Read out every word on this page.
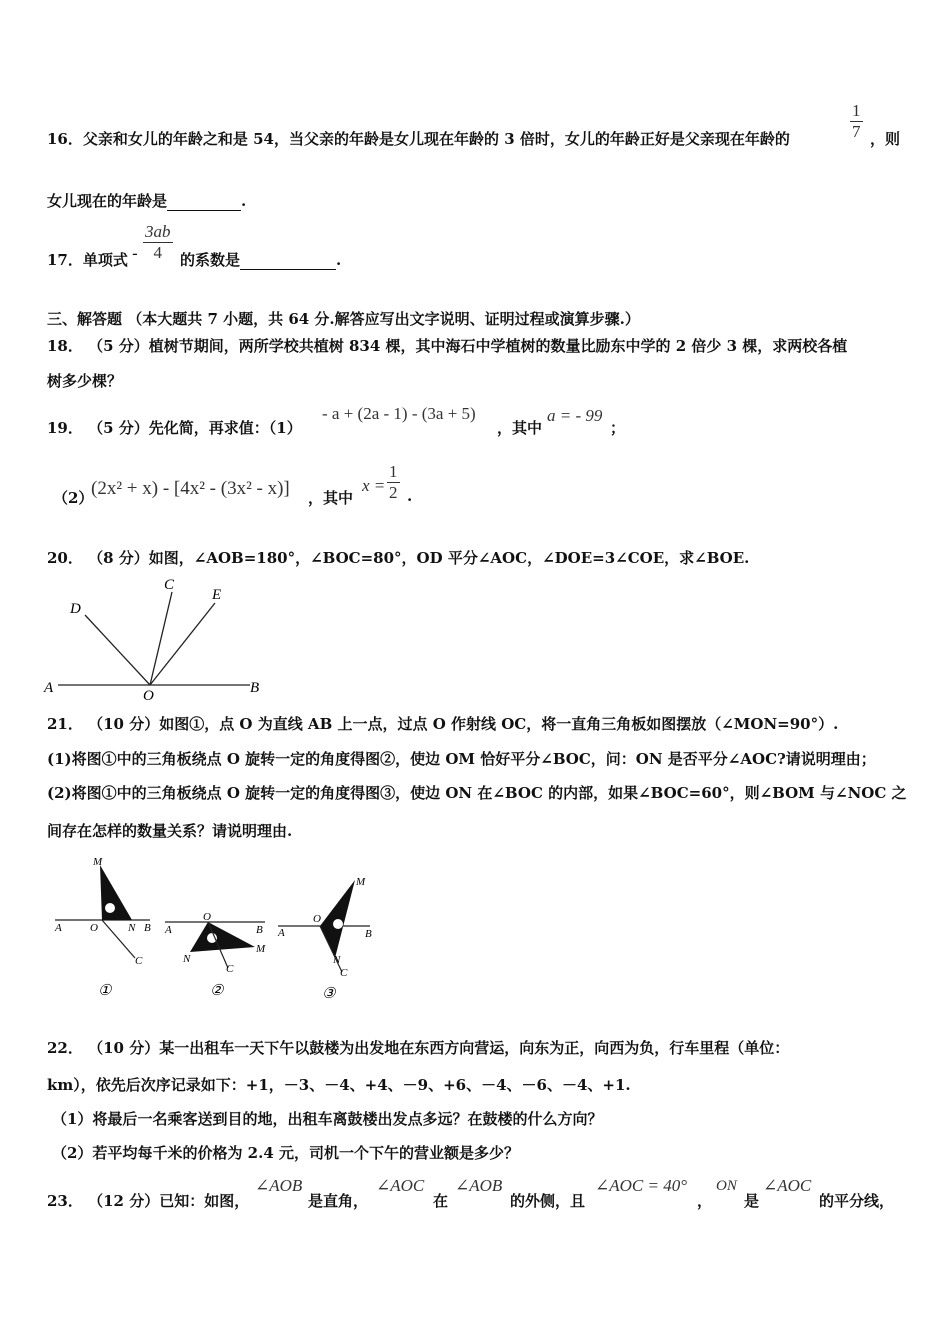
$\frac{1}{7}$
16．父亲和女儿的年龄之和是 54，当父亲的年龄是女儿现在年龄的 3 倍时，女儿的年龄正好是父亲现在年龄的	，则
女儿现在的年龄是	.
17．单项式 - $\frac{3ab}{4}$ 的系数是	.
三、解答题 （本大题共 7 小题，共 64 分.解答应写出文字说明、证明过程或演算步骤.）
18． （5 分）植树节期间，两所学校共植树 834 棵，其中海石中学植树的数量比励东中学的 2 倍少 3 棵，求两校各植
树多少棵？
19． （5 分）先化简，再求值：（1）
- a + (2a - 1) - (3a + 5)
，其中
a = - 99
；
（2）
(2x² + x) - [4x² - (3x² - x)] ，其中
$x = \frac{1}{2}$ .
20． （8 分）如图，∠AOB=180°，∠BOC=80°，OD 平分∠AOC，∠DOE=3∠COE，求∠BOE.
D
C
E
A	O	B
21． （10 分）如图①，点 O 为直线 AB 上一点，过点 O 作射线 OC，将一直角三角板如图摆放（∠MON=90°）.
(1)将图①中的三角板绕点 O 旋转一定的角度得图②，使边 OM 恰好平分∠BOC，问：ON 是否平分∠AOC?请说明理由；
(2)将图①中的三角板绕点 O 旋转一定的角度得图③，使边 ON 在∠BOC 的内部，如果∠BOC=60°，则∠BOM 与∠NOC 之
间存在怎样的数量关系？请说明理由.
M
A	O	N B
C
①
O
A	B
N
M
C
②
M
A
O
B
N
C
③
22． （10 分）某一出租车一天下午以鼓楼为出发地在东西方向营运，向东为正，向西为负，行车里程（单位：
km），依先后次序记录如下：+1，－3、－4、+4、－9、+6、－4、－6、－4、+1.
（1）将最后一名乘客送到目的地，出租车离鼓楼出发点多远？在鼓楼的什么方向？
（2）若平均每千米的价格为 2.4 元，司机一个下午的营业额是多少？
23． （12 分）已知：如图，
∠AOB
是直角，
∠AOC
在
∠AOB
的外侧，且
∠AOC = 40°
，
ON
是
∠AOC
的平分线，
